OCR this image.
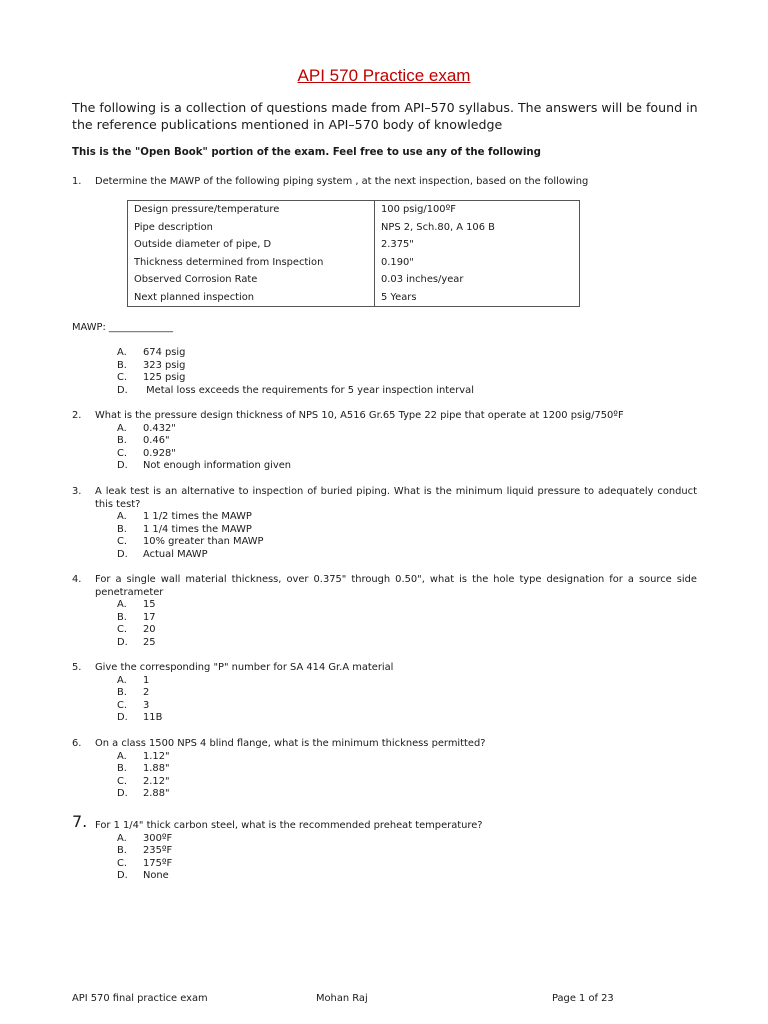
API 570 Practice exam
The following is a collection of questions made from API–570 syllabus. The answers will be found in the reference publications mentioned in API–570 body of knowledge
This is the "Open Book" portion of the exam. Feel free to use any of the following
1. Determine the MAWP of the following piping system , at the next inspection, based on the following
Design pressure/temperature	100 psig/100ºF
Pipe description	NPS 2, Sch.80, A 106 B
Outside diameter of pipe, D	2.375"
Thickness determined from Inspection	0.190"
Observed Corrosion Rate	0.03 inches/year
Next planned inspection	5 Years
MAWP: _____________
A. 674 psig
B. 323 psig
C. 125 psig
D. Metal loss exceeds the requirements for 5 year inspection interval
2. What is the pressure design thickness of NPS 10, A516 Gr.65 Type 22 pipe that operate at 1200 psig/750ºF
A. 0.432"
B. 0.46"
C. 0.928"
D. Not enough information given
3. A leak test is an alternative to inspection of buried piping. What is the minimum liquid pressure to adequately conduct this test?
A. 1 1/2 times the MAWP
B. 1 1/4 times the MAWP
C. 10% greater than MAWP
D. Actual MAWP
4. For a single wall material thickness, over 0.375" through 0.50", what is the hole type designation for a source side penetrameter
A. 15
B. 17
C. 20
D. 25
5. Give the corresponding "P" number for SA 414 Gr.A material
A. 1
B. 2
C. 3
D. 11B
6. On a class 1500 NPS 4 blind flange, what is the minimum thickness permitted?
A. 1.12"
B. 1.88"
C. 2.12"
D. 2.88"
7. For 1 1/4" thick carbon steel, what is the recommended preheat temperature?
A. 300ºF
B. 235ºF
C. 175ºF
D. None
API 570 final practice exam	Mohan Raj	Page 1 of 23
